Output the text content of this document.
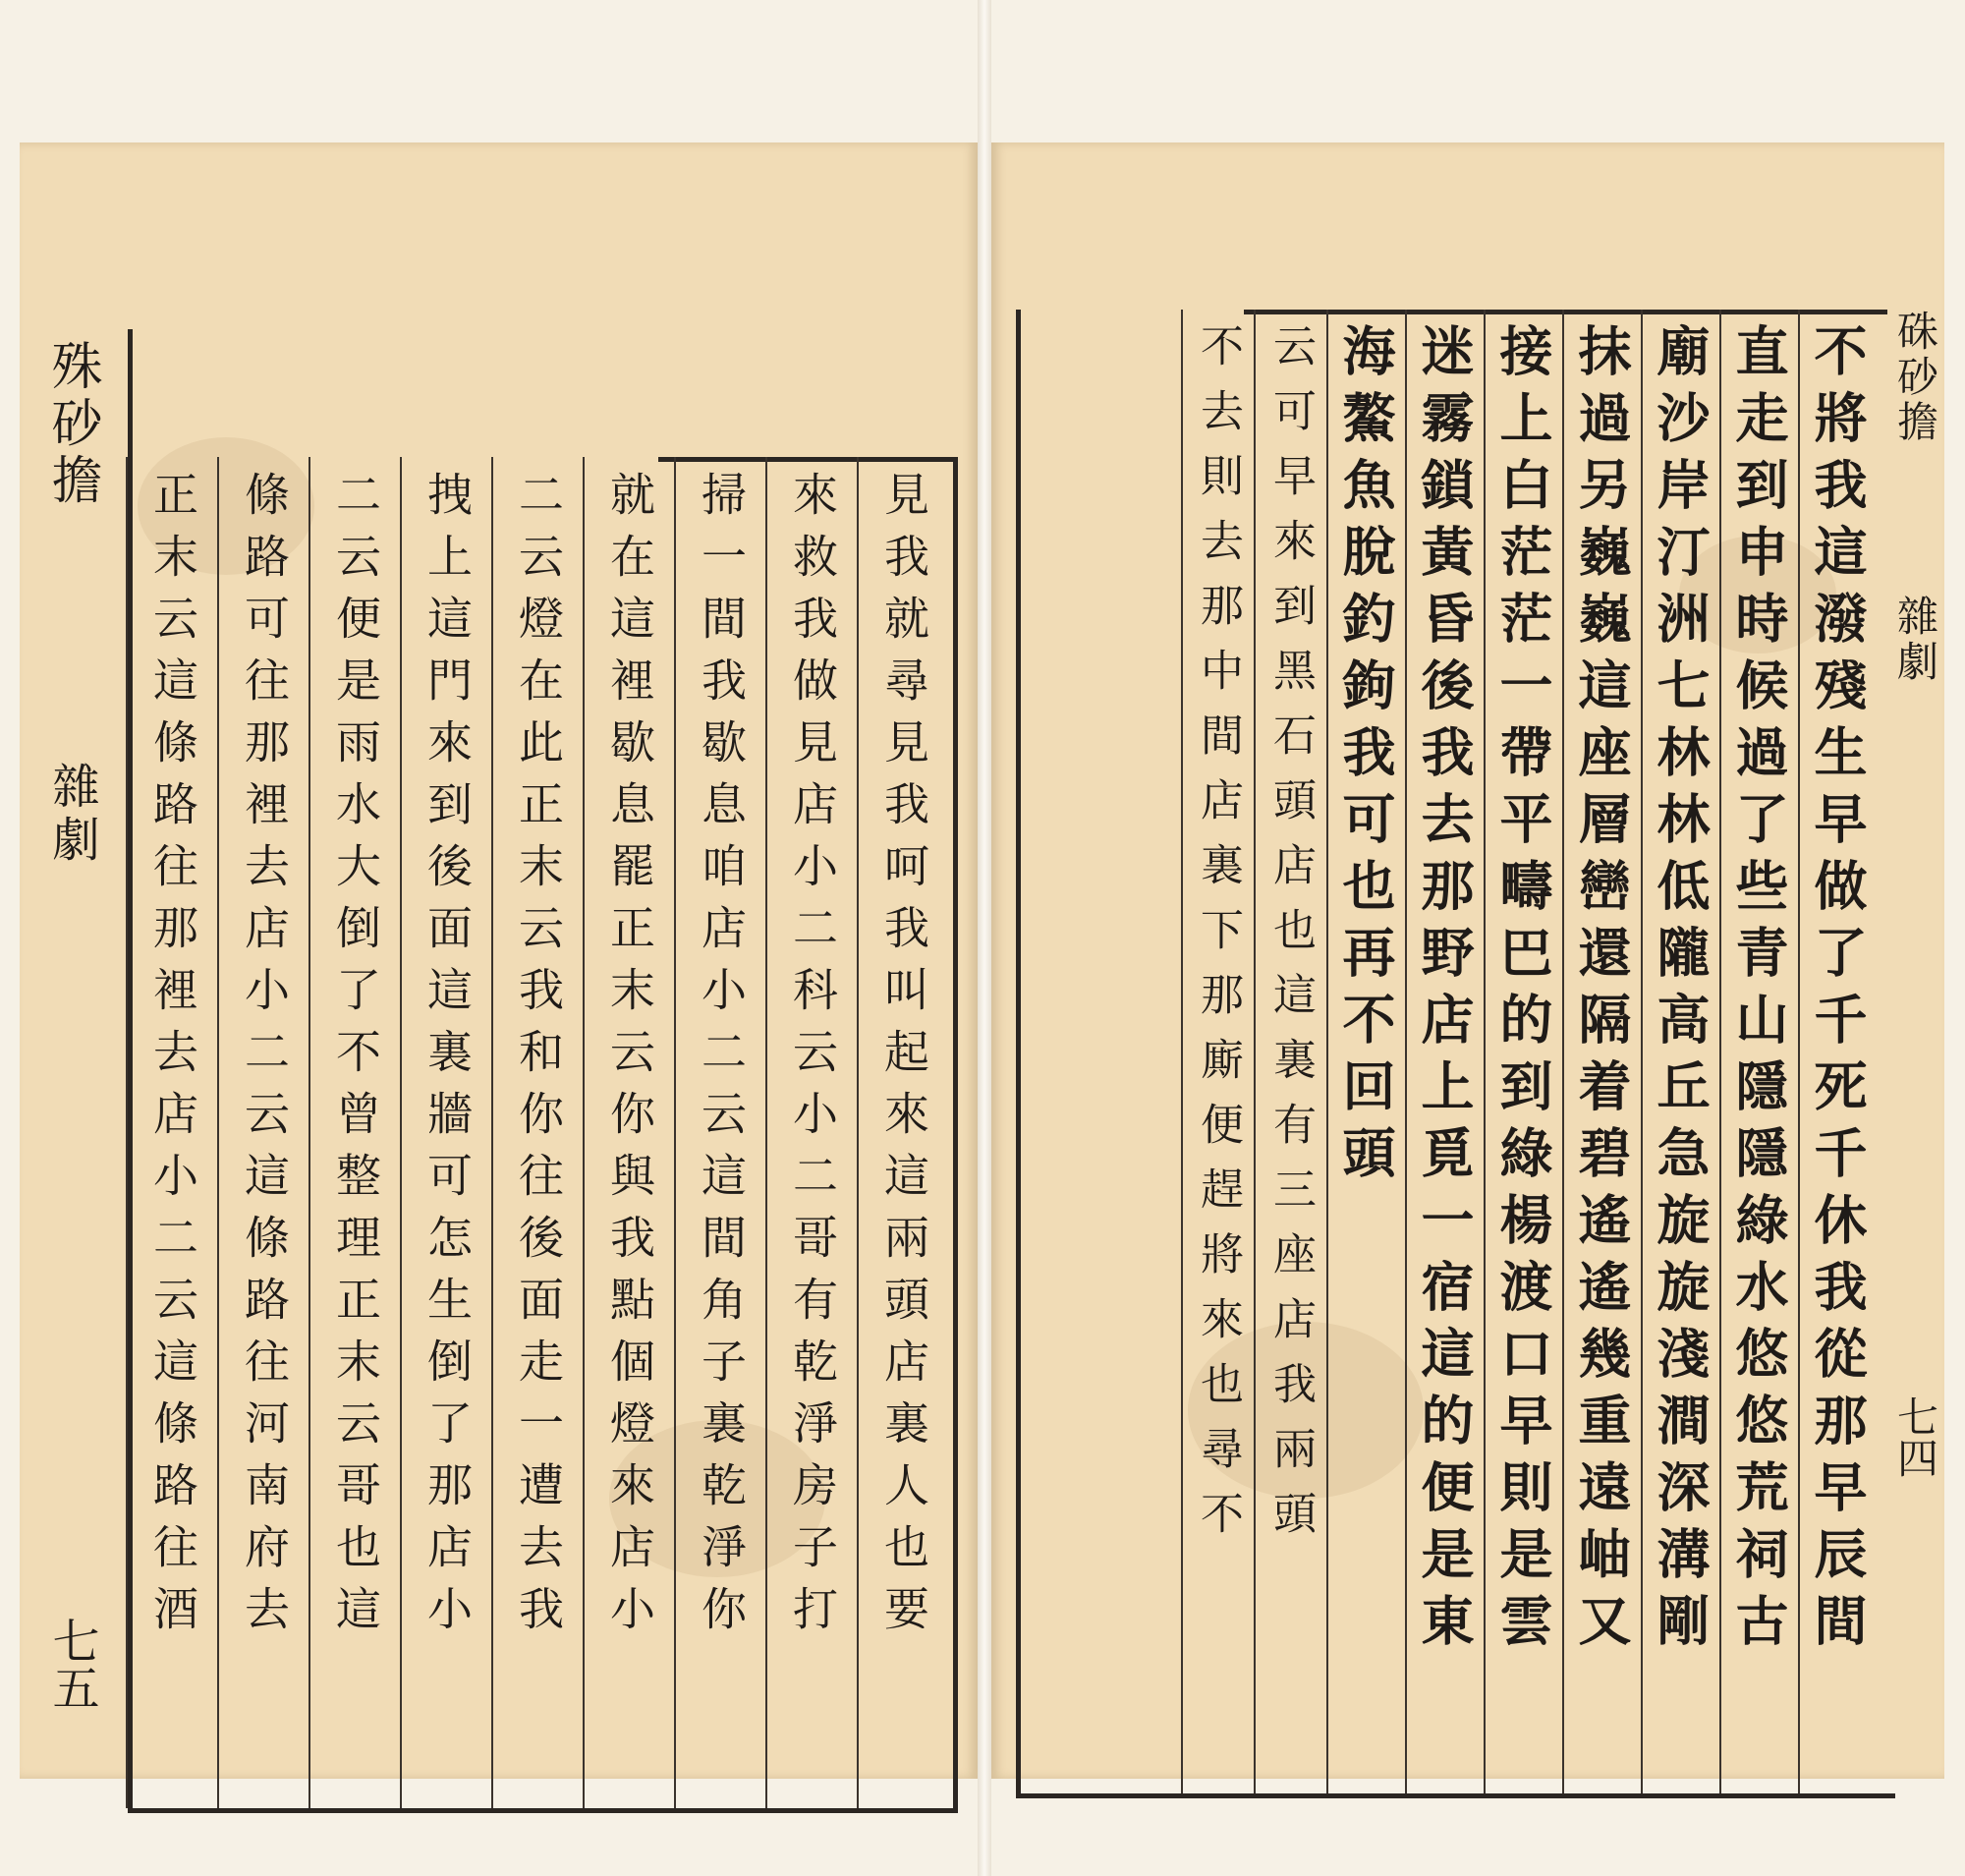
殊砂擔
雜劇
七五
見我就尋見我呵我叫起來這兩頭店裏人也要
來救我做見店小二科云小二哥有乾淨房子打
掃一間我歇息咱店小二云這間角子裏乾淨你
就在這裡歇息罷正末云你與我點個燈來店小
二云燈在此正末云我和你往後面走一遭去我
拽上這門來到後面這裏牆可怎生倒了那店小
二云便是雨水大倒了不曾整理正末云哥也這
條路可往那裡去店小二云這條路往河南府去
正末云這條路往那裡去店小二云這條路往酒	不將我這潑殘生早做了千死千休我從那早辰間
直走到申時候過了些青山隱隱綠水悠悠荒祠古
廟沙岸汀洲七林林低隴高丘急旋旋淺澗深溝剛
抹過另巍巍這座層巒還隔着碧遙遙幾重遠岫又
接上白茫茫一帶平疇巴的到綠楊渡口早則是雲
迷霧鎖黃昏後我去那野店上覓一宿這的便是東
海鰲魚脫釣鉤我可也再不回頭
云可早來到黑石頭店也這裏有三座店我兩頭
不去則去那中間店裏下那廝便趕將來也尋不	硃砂擔
雜劇
七四
